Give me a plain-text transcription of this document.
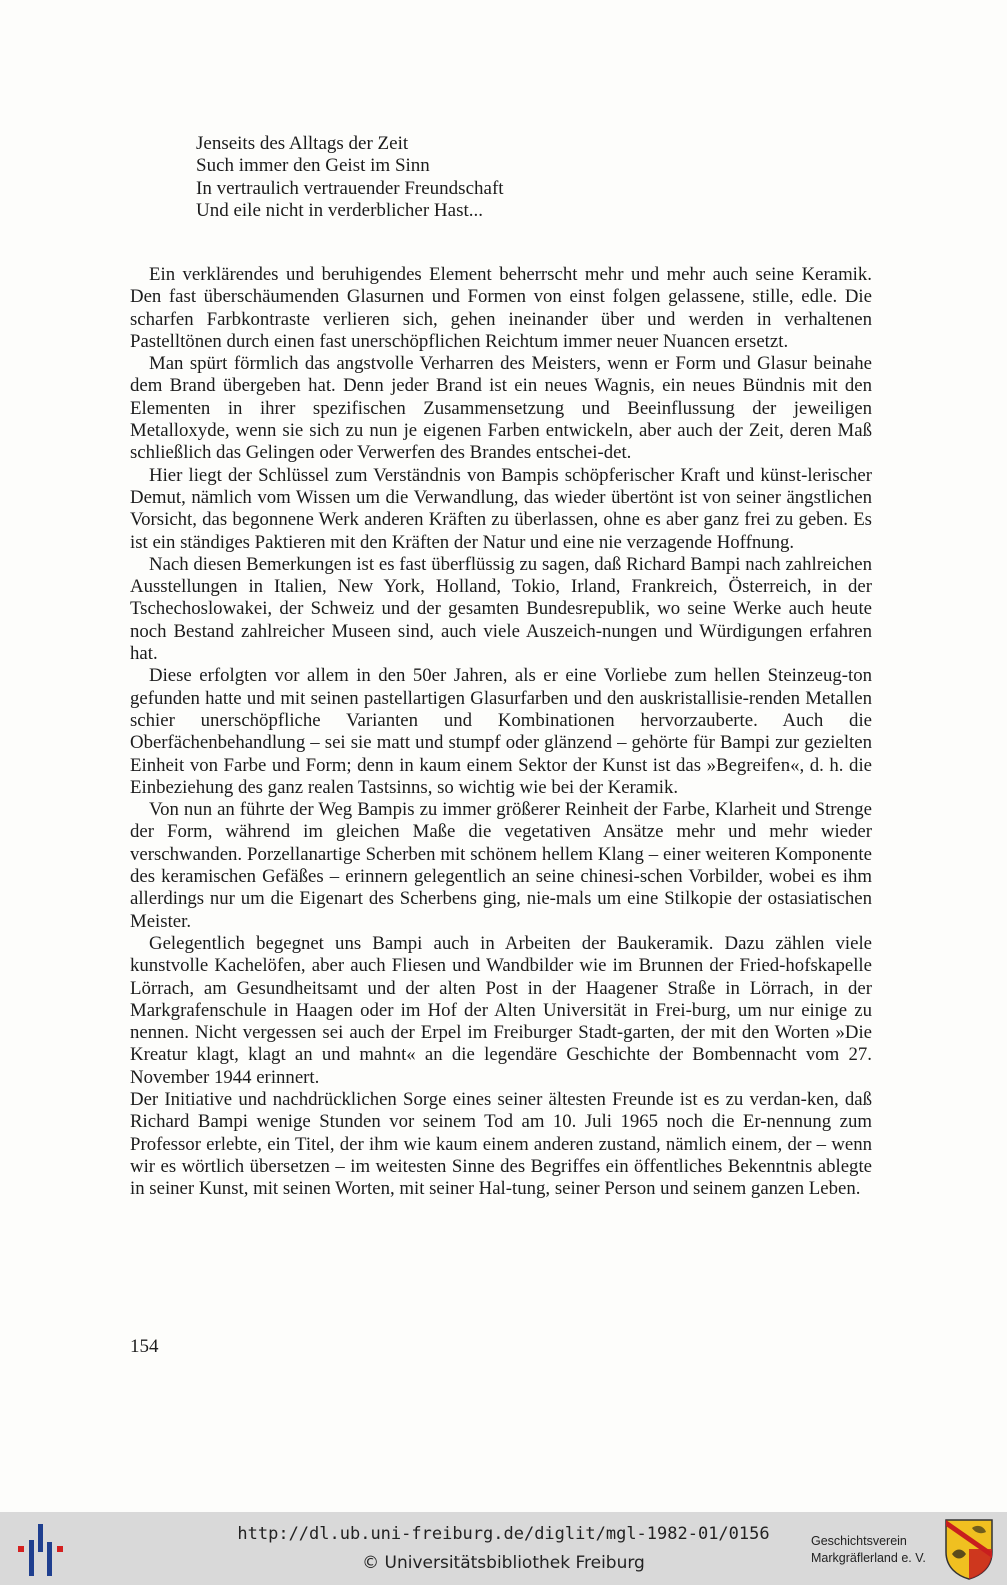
Jenseits des Alltags der Zeit
Such immer den Geist im Sinn
In vertraulich vertrauender Freundschaft
Und eile nicht in verderblicher Hast...

Ein verklärendes und beruhigendes Element beherrscht mehr und mehr auch seine Keramik. Den fast überschäumenden Glasurnen und Formen von einst folgen gelassene, stille, edle. Die scharfen Farbkontraste verlieren sich, gehen ineinander über und werden in verhaltenen Pastelltönen durch einen fast unerschöpflichen Reichtum immer neuer Nuancen ersetzt.

Man spürt förmlich das angstvolle Verharren des Meisters, wenn er Form und Glasur beinahe dem Brand übergeben hat. Denn jeder Brand ist ein neues Wagnis, ein neues Bündnis mit den Elementen in ihrer spezifischen Zusammensetzung und Beeinflussung der jeweiligen Metalloxyde, wenn sie sich zu nun je eigenen Farben entwickeln, aber auch der Zeit, deren Maß schließlich das Gelingen oder Verwerfen des Brandes entschei-det.

Hier liegt der Schlüssel zum Verständnis von Bampis schöpferischer Kraft und künst-lerischer Demut, nämlich vom Wissen um die Verwandlung, das wieder übertönt ist von seiner ängstlichen Vorsicht, das begonnene Werk anderen Kräften zu überlassen, ohne es aber ganz frei zu geben. Es ist ein ständiges Paktieren mit den Kräften der Natur und eine nie verzagende Hoffnung.

Nach diesen Bemerkungen ist es fast überflüssig zu sagen, daß Richard Bampi nach zahlreichen Ausstellungen in Italien, New York, Holland, Tokio, Irland, Frankreich, Österreich, in der Tschechoslowakei, der Schweiz und der gesamten Bundesrepublik, wo seine Werke auch heute noch Bestand zahlreicher Museen sind, auch viele Auszeich-nungen und Würdigungen erfahren hat.

Diese erfolgten vor allem in den 50er Jahren, als er eine Vorliebe zum hellen Steinzeug-ton gefunden hatte und mit seinen pastellartigen Glasurfarben und den auskristallisie-renden Metallen schier unerschöpfliche Varianten und Kombinationen hervorzauberte. Auch die Oberfächenbehandlung – sei sie matt und stumpf oder glänzend – gehörte für Bampi zur gezielten Einheit von Farbe und Form; denn in kaum einem Sektor der Kunst ist das »Begreifen«, d. h. die Einbeziehung des ganz realen Tastsinns, so wichtig wie bei der Keramik.

Von nun an führte der Weg Bampis zu immer größerer Reinheit der Farbe, Klarheit und Strenge der Form, während im gleichen Maße die vegetativen Ansätze mehr und mehr wieder verschwanden. Porzellanartige Scherben mit schönem hellem Klang – einer weiteren Komponente des keramischen Gefäßes – erinnern gelegentlich an seine chinesi-schen Vorbilder, wobei es ihm allerdings nur um die Eigenart des Scherbens ging, nie-mals um eine Stilkopie der ostasiatischen Meister.

Gelegentlich begegnet uns Bampi auch in Arbeiten der Baukeramik. Dazu zählen viele kunstvolle Kachelöfen, aber auch Fliesen und Wandbilder wie im Brunnen der Fried-hofskapelle Lörrach, am Gesundheitsamt und der alten Post in der Haagener Straße in Lörrach, in der Markgrafenschule in Haagen oder im Hof der Alten Universität in Frei-burg, um nur einige zu nennen. Nicht vergessen sei auch der Erpel im Freiburger Stadt-garten, der mit den Worten »Die Kreatur klagt, klagt an und mahnt« an die legendäre Geschichte der Bombennacht vom 27. November 1944 erinnert.

Der Initiative und nachdrücklichen Sorge eines seiner ältesten Freunde ist es zu verdan-ken, daß Richard Bampi wenige Stunden vor seinem Tod am 10. Juli 1965 noch die Er-nennung zum Professor erlebte, ein Titel, der ihm wie kaum einem anderen zustand, nämlich einem, der – wenn wir es wörtlich übersetzen – im weitesten Sinne des Begriffes ein öffentliches Bekenntnis ablegte in seiner Kunst, mit seinen Worten, mit seiner Hal-tung, seiner Person und seinem ganzen Leben.

154
http://dl.ub.uni-freiburg.de/diglit/mgl-1982-01/0156
© Universitätsbibliothek Freiburg
Geschichtsverein
Markgräflerland e. V.
